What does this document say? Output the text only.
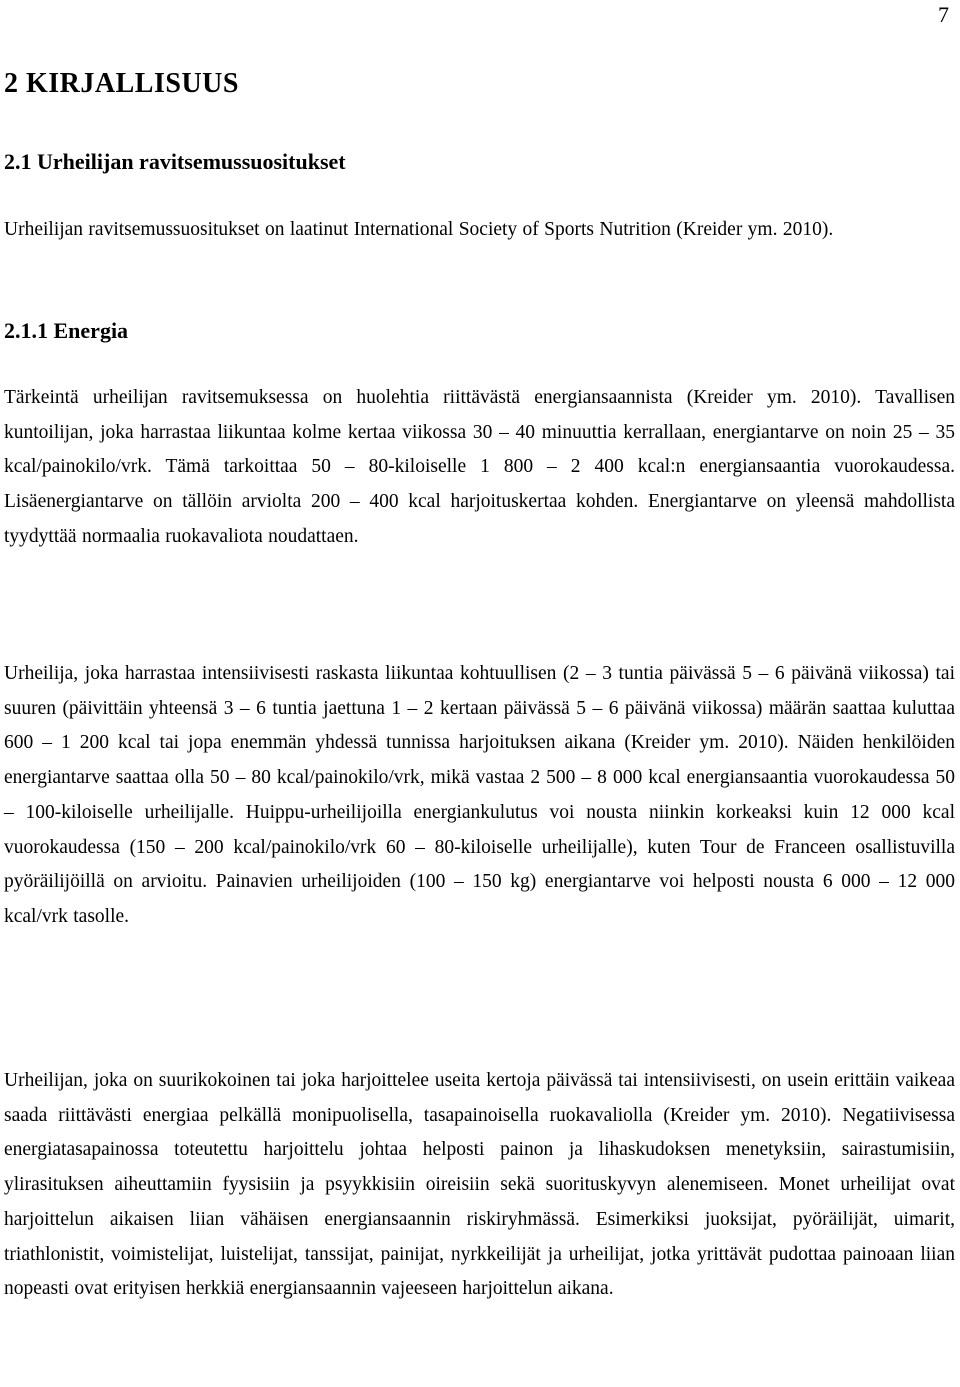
7
2 KIRJALLISUUS
2.1 Urheilijan ravitsemussuositukset

Urheilijan ravitsemussuositukset on laatinut International Society of Sports Nutrition (Kreider ym. 2010).

2.1.1 Energia

Tärkeintä urheilijan ravitsemuksessa on huolehtia riittävästä energiansaannista (Kreider ym. 2010). Tavallisen kuntoilijan, joka harrastaa liikuntaa kolme kertaa viikossa 30 – 40 minuuttia kerrallaan, energiantarve on noin 25 – 35 kcal/painokilo/vrk. Tämä tarkoittaa 50 – 80-kiloiselle 1 800 – 2 400 kcal:n energiansaantia vuorokaudessa. Lisäenergiantarve on tällöin arviolta 200 – 400 kcal harjoituskertaa kohden. Energiantarve on yleensä mahdollista tyydyttää normaalia ruokavaliota noudattaen.

Urheilija, joka harrastaa intensiivisesti raskasta liikuntaa kohtuullisen (2 – 3 tuntia päivässä 5 – 6 päivänä viikossa) tai suuren (päivittäin yhteensä 3 – 6 tuntia jaettuna 1 – 2 kertaan päivässä 5 – 6 päivänä viikossa) määrän saattaa kuluttaa 600 – 1 200 kcal tai jopa enemmän yhdessä tunnissa harjoituksen aikana (Kreider ym. 2010). Näiden henkilöiden energiantarve saattaa olla 50 – 80 kcal/painokilo/vrk, mikä vastaa 2 500 – 8 000 kcal energiansaantia vuorokaudessa 50 – 100-kiloiselle urheilijalle. Huippu-urheilijoilla energiankulutus voi nousta niinkin korkeaksi kuin 12 000 kcal vuorokaudessa (150 – 200 kcal/painokilo/vrk 60 – 80-kiloiselle urheilijalle), kuten Tour de Franceen osallistuvilla pyöräilijöillä on arvioitu. Painavien urheilijoiden (100 – 150 kg) energiantarve voi helposti nousta 6 000 – 12 000 kcal/vrk tasolle.

Urheilijan, joka on suurikokoinen tai joka harjoittelee useita kertoja päivässä tai intensiivisesti, on usein erittäin vaikeaa saada riittävästi energiaa pelkällä monipuolisella, tasapainoisella ruokavaliolla (Kreider ym. 2010). Negatiivisessa energiatasapainossa toteutettu harjoittelu johtaa helposti painon ja lihaskudoksen menetyksiin, sairastumisiin, ylirasituksen aiheuttamiin fyysisiin ja psyykkisiin oireisiin sekä suorituskyvyn alenemiseen. Monet urheilijat ovat harjoittelun aikaisen liian vähäisen energiansaannin riskiryhmässä. Esimerkiksi juoksijat, pyöräilijät, uimarit, triathlonistit, voimistelijat, luistelijat, tanssijat, painijat, nyrkkeilijät ja urheilijat, jotka yrittävät pudottaa painoaan liian nopeasti ovat erityisen herkkiä energiansaannin vajeeseen harjoittelun aikana.
